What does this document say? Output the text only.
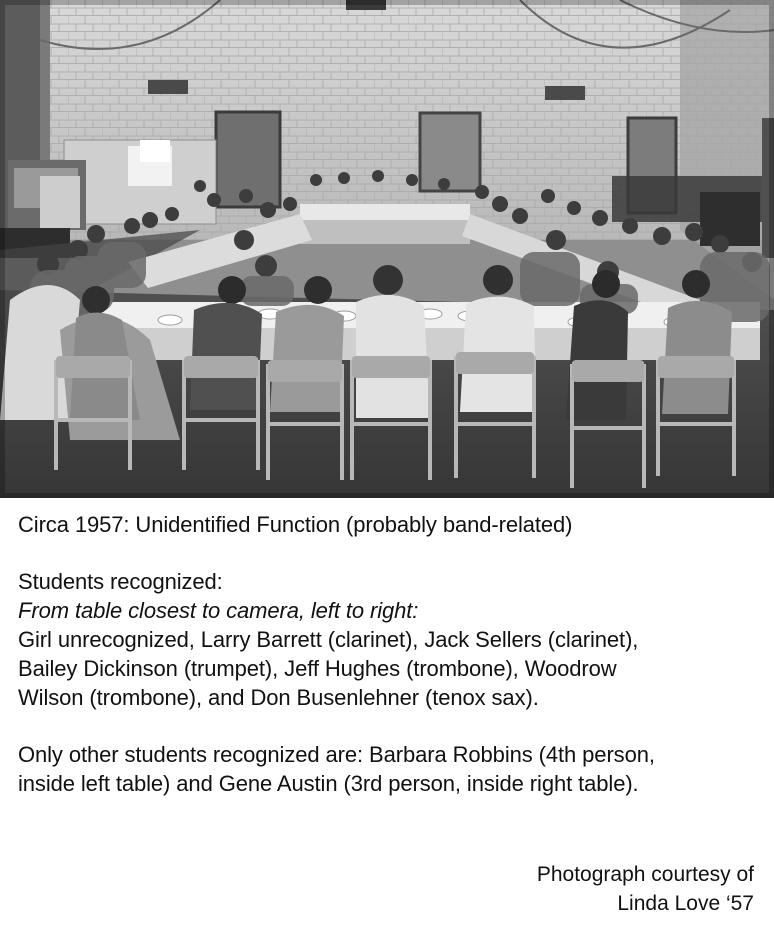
Circa 1957: Unidentified Function (probably band-related)

Students recognized:

From table closest to camera, left to right:

Girl unrecognized, Larry Barrett (clarinet), Jack Sellers (clarinet),

Bailey Dickinson (trumpet), Jeff Hughes (trombone), Woodrow

Wilson (trombone), and Don Busenlehner (tenox sax).

Only other students recognized are: Barbara Robbins (4th person,

inside left table) and Gene Austin (3rd person, inside right table).

Photograph courtesy of
Linda Love ‘57
